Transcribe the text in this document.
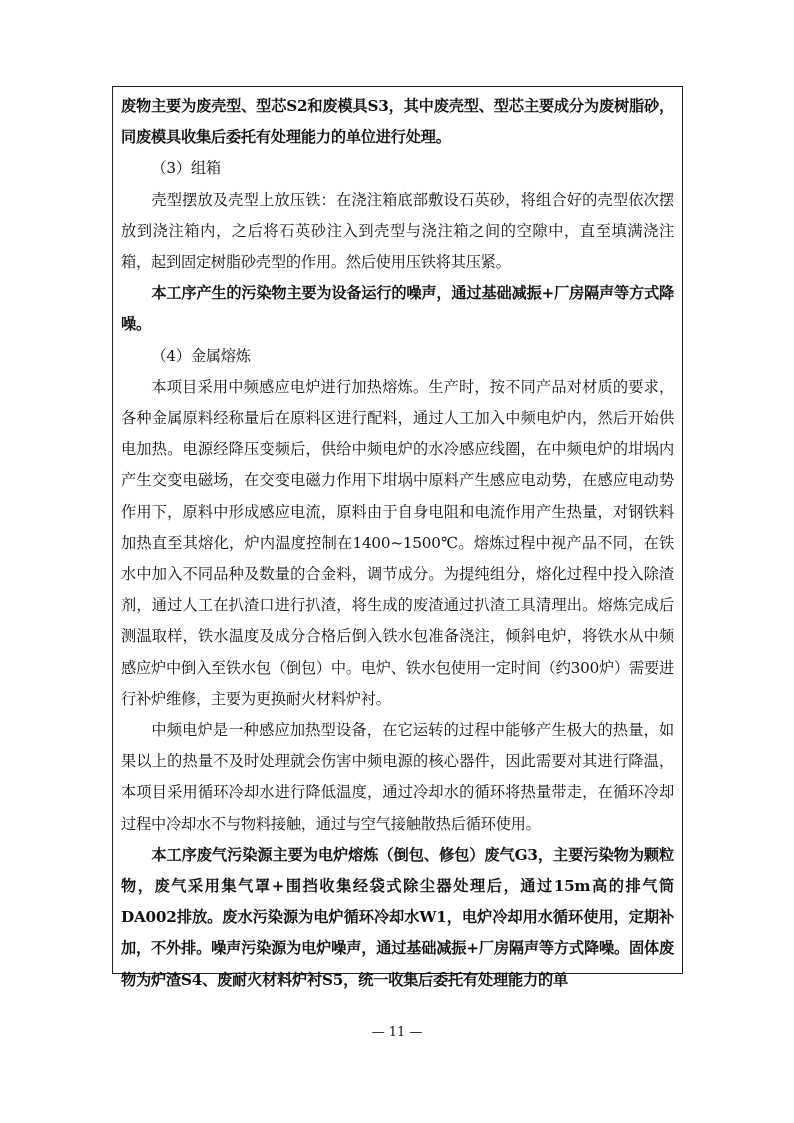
废物主要为废壳型、型芯S2和废模具S3，其中废壳型、型芯主要成分为废树脂砂，同废模具收集后委托有处理能力的单位进行处理。

（3）组箱

壳型摆放及壳型上放压铁：在浇注箱底部敷设石英砂，将组合好的壳型依次摆放到浇注箱内，之后将石英砂注入到壳型与浇注箱之间的空隙中，直至填满浇注箱，起到固定树脂砂壳型的作用。然后使用压铁将其压紧。

本工序产生的污染物主要为设备运行的噪声，通过基础减振+厂房隔声等方式降噪。

（4）金属熔炼

本项目采用中频感应电炉进行加热熔炼。生产时，按不同产品对材质的要求，各种金属原料经称量后在原料区进行配料，通过人工加入中频电炉内，然后开始供电加热。电源经降压变频后，供给中频电炉的水冷感应线圈，在中频电炉的坩埚内产生交变电磁场，在交变电磁力作用下坩埚中原料产生感应电动势，在感应电动势作用下，原料中形成感应电流，原料由于自身电阻和电流作用产生热量，对钢铁料加热直至其熔化，炉内温度控制在1400~1500℃。熔炼过程中视产品不同，在铁水中加入不同品种及数量的合金料，调节成分。为提纯组分，熔化过程中投入除渣剂，通过人工在扒渣口进行扒渣，将生成的废渣通过扒渣工具清理出。熔炼完成后测温取样，铁水温度及成分合格后倒入铁水包准备浇注，倾斜电炉，将铁水从中频感应炉中倒入至铁水包（倒包）中。电炉、铁水包使用一定时间（约300炉）需要进行补炉维修，主要为更换耐火材料炉衬。

中频电炉是一种感应加热型设备，在它运转的过程中能够产生极大的热量，如果以上的热量不及时处理就会伤害中频电源的核心器件，因此需要对其进行降温，本项目采用循环冷却水进行降低温度，通过冷却水的循环将热量带走，在循环冷却过程中冷却水不与物料接触，通过与空气接触散热后循环使用。

本工序废气污染源主要为电炉熔炼（倒包、修包）废气G3，主要污染物为颗粒物，废气采用集气罩+围挡收集经袋式除尘器处理后，通过15m高的排气筒DA002排放。废水污染源为电炉循环冷却水W1，电炉冷却用水循环使用，定期补加，不外排。噪声污染源为电炉噪声，通过基础减振+厂房隔声等方式降噪。固体废物为炉渣S4、废耐火材料炉衬S5，统一收集后委托有处理能力的单

— 11 —
